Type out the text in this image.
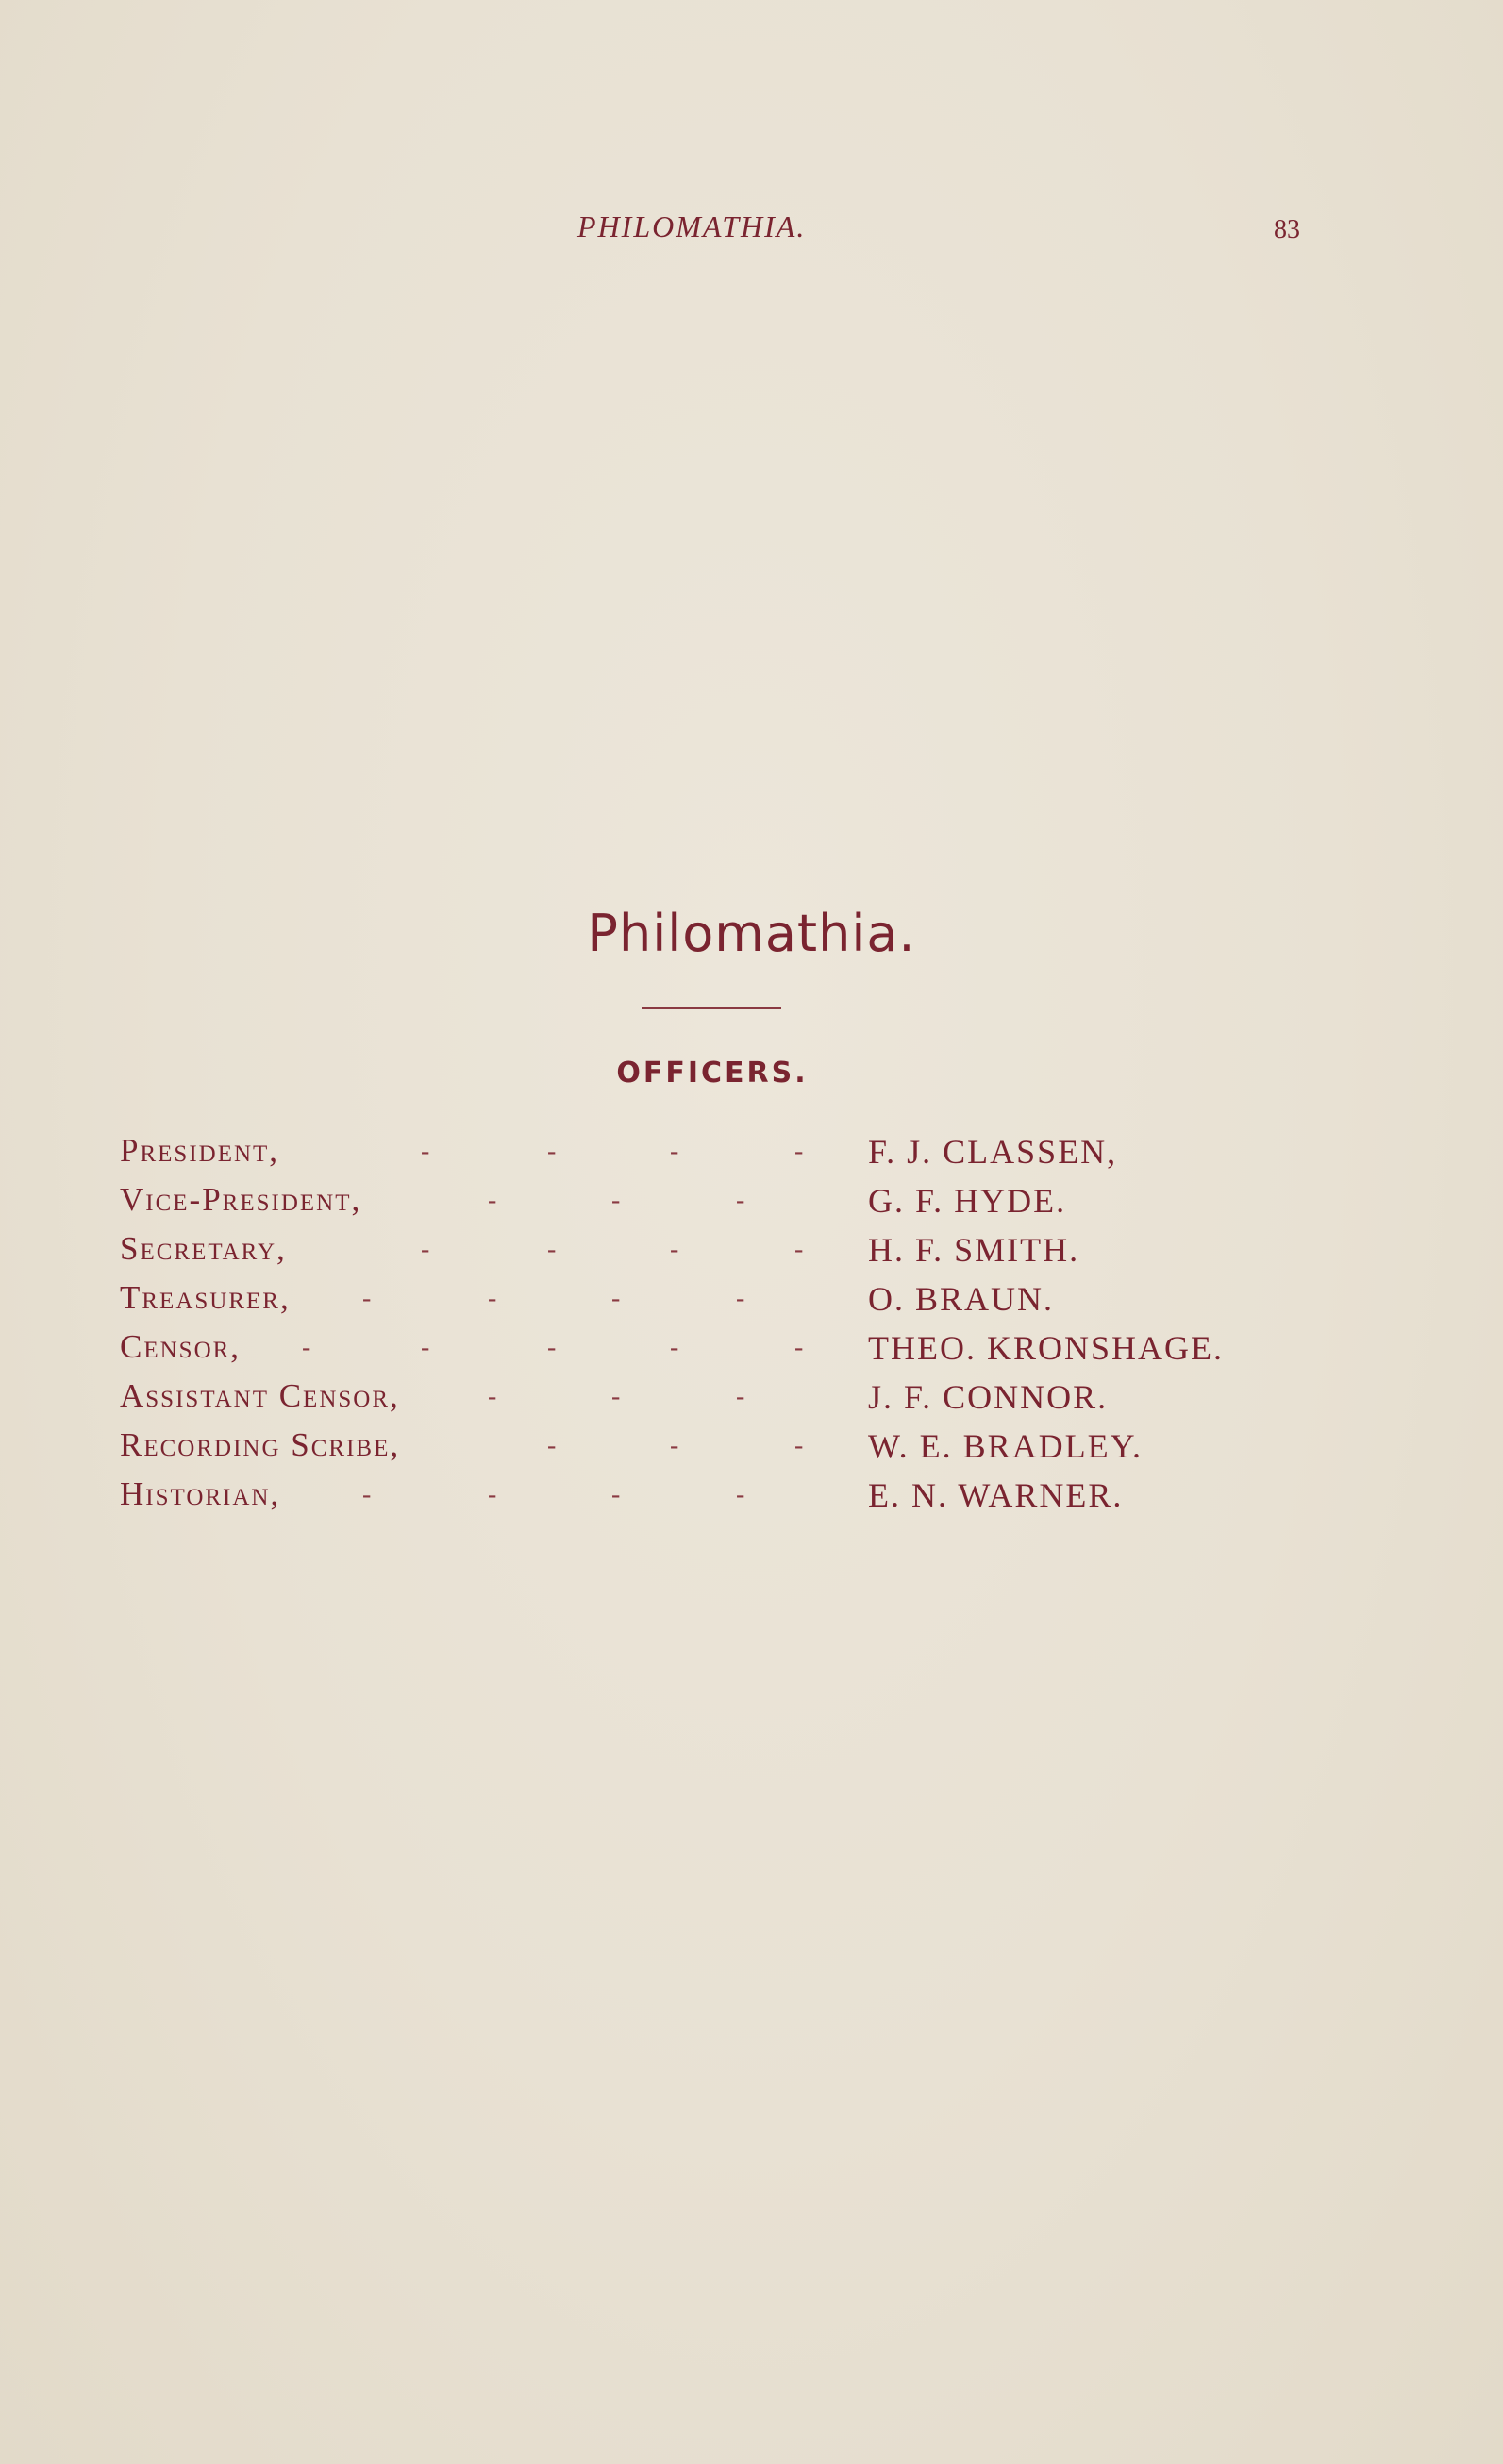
PHILOMATHIA.	83
Philomathia.
OFFICERS.
President,	-	-	-	- F. J. CLASSEN,
Vice-President,	-	-	-	G. F. HYDE.
Secretary,	-	-	-	- H. F. SMITH.
Treasurer,	-	-	-	-	O. BRAUN.
Censor, -	-	-	-	- THEO. KRONSHAGE.
Assistant Censor,	-	-	-	J. F. CONNOR.
Recording Scribe,	-	-	- W. E. BRADLEY.
Historian,	-	-	-	-	E. N. WARNER.
